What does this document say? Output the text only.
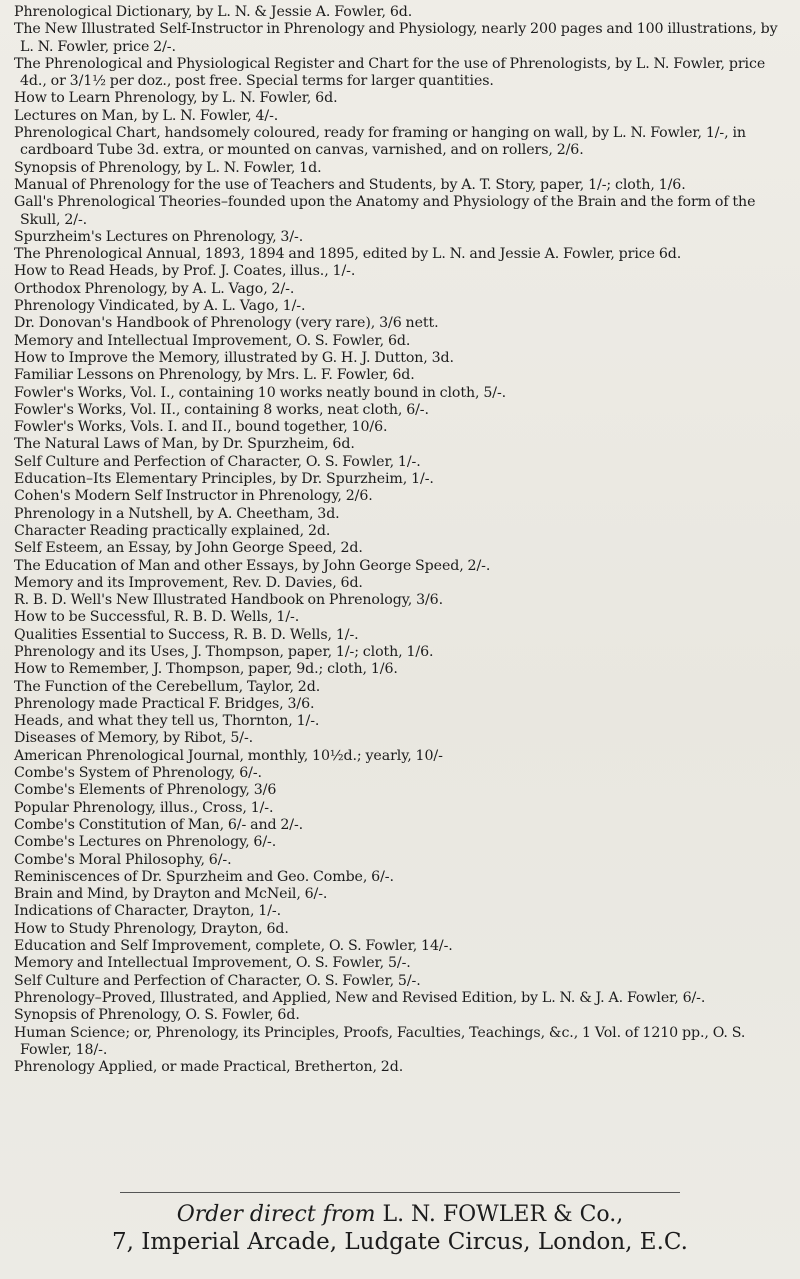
Phrenological Dictionary, by L. N. & Jessie A. Fowler, 6d.
The New Illustrated Self-Instructor in Phrenology and Physiology, nearly 200 pages and 100 illustrations, by L. N. Fowler, price 2/-.
The Phrenological and Physiological Register and Chart for the use of Phrenologists, by L. N. Fowler, price 4d., or 3/1½ per doz., post free. Special terms for larger quantities.
How to Learn Phrenology, by L. N. Fowler, 6d.
Lectures on Man, by L. N. Fowler, 4/-.
Phrenological Chart, handsomely coloured, ready for framing or hanging on wall, by L. N. Fowler, 1/-, in cardboard Tube 3d. extra, or mounted on canvas, varnished, and on rollers, 2/6.
Synopsis of Phrenology, by L. N. Fowler, 1d.
Manual of Phrenology for the use of Teachers and Students, by A. T. Story, paper, 1/-; cloth, 1/6.
Gall's Phrenological Theories–founded upon the Anatomy and Physiology of the Brain and the form of the Skull, 2/-.
Spurzheim's Lectures on Phrenology, 3/-.
The Phrenological Annual, 1893, 1894 and 1895, edited by L. N. and Jessie A. Fowler, price 6d.
How to Read Heads, by Prof. J. Coates, illus., 1/-.
Orthodox Phrenology, by A. L. Vago, 2/-.
Phrenology Vindicated, by A. L. Vago, 1/-.
Dr. Donovan's Handbook of Phrenology (very rare), 3/6 nett.
Memory and Intellectual Improvement, O. S. Fowler, 6d.
How to Improve the Memory, illustrated by G. H. J. Dutton, 3d.
Familiar Lessons on Phrenology, by Mrs. L. F. Fowler, 6d.
Fowler's Works, Vol. I., containing 10 works neatly bound in cloth, 5/-.
Fowler's Works, Vol. II., containing 8 works, neat cloth, 6/-.
Fowler's Works, Vols. I. and II., bound together, 10/6.
The Natural Laws of Man, by Dr. Spurzheim, 6d.
Self Culture and Perfection of Character, O. S. Fowler, 1/-.
Education–Its Elementary Principles, by Dr. Spurzheim, 1/-.
Cohen's Modern Self Instructor in Phrenology, 2/6.
Phrenology in a Nutshell, by A. Cheetham, 3d.
Character Reading practically explained, 2d.
Self Esteem, an Essay, by John George Speed, 2d.
The Education of Man and other Essays, by John George Speed, 2/-.
Memory and its Improvement, Rev. D. Davies, 6d.
R. B. D. Well's New Illustrated Handbook on Phrenology, 3/6.
How to be Successful, R. B. D. Wells, 1/-.
Qualities Essential to Success, R. B. D. Wells, 1/-.
Phrenology and its Uses, J. Thompson, paper, 1/-; cloth, 1/6.
How to Remember, J. Thompson, paper, 9d.; cloth, 1/6.
The Function of the Cerebellum, Taylor, 2d.
Phrenology made Practical F. Bridges, 3/6.
Heads, and what they tell us, Thornton, 1/-.
Diseases of Memory, by Ribot, 5/-.
American Phrenological Journal, monthly, 10½d.; yearly, 10/-
Combe's System of Phrenology, 6/-.
Combe's Elements of Phrenology, 3/6
Popular Phrenology, illus., Cross, 1/-.
Combe's Constitution of Man, 6/- and 2/-.
Combe's Lectures on Phrenology, 6/-.
Combe's Moral Philosophy, 6/-.
Reminiscences of Dr. Spurzheim and Geo. Combe, 6/-.
Brain and Mind, by Drayton and McNeil, 6/-.
Indications of Character, Drayton, 1/-.
How to Study Phrenology, Drayton, 6d.
Education and Self Improvement, complete, O. S. Fowler, 14/-.
Memory and Intellectual Improvement, O. S. Fowler, 5/-.
Self Culture and Perfection of Character, O. S. Fowler, 5/-.
Phrenology–Proved, Illustrated, and Applied, New and Revised Edition, by L. N. & J. A. Fowler, 6/-.
Synopsis of Phrenology, O. S. Fowler, 6d.
Human Science; or, Phrenology, its Principles, Proofs, Faculties, Teachings, &c., 1 Vol. of 1210 pp., O. S. Fowler, 18/-.
Phrenology Applied, or made Practical, Bretherton, 2d.

Order direct from L. N. FOWLER & Co.,

7, Imperial Arcade, Ludgate Circus, London, E.C.
